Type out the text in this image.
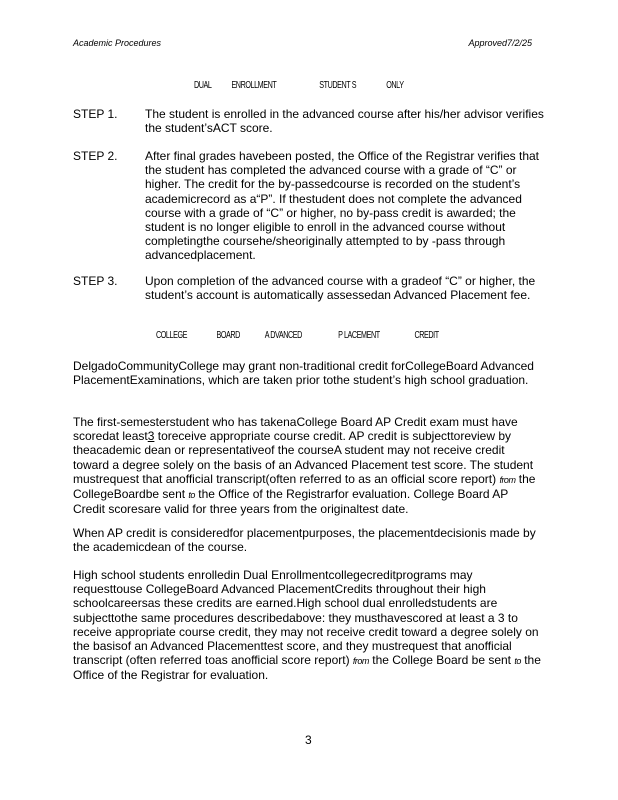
Academic Procedures	Approved7/2/25
DUAL ENROLLMENT	STUDENT S	ONLY
STEP 1.	The student is enrolled in the advanced course after his/her advisor verifies the student’sACT score.
STEP 2.	After final grades havebeen posted, the Office of the Registrar verifies that the student has completed the advanced course with a grade of “C” or higher. The credit for the by-passedcourse is recorded on the student’s academicrecord as a“P”. If thestudent does not complete the advanced course with a grade of “C” or higher, no by-pass credit is awarded; the student is no longer eligible to enroll in the advanced course without completingthe coursehe/sheoriginally attempted to by -pass through advancedplacement.
STEP 3.	Upon completion of the advanced course with a gradeof “C” or higher, the student’s account is automatically assessedan Advanced Placement fee.
COLLEGE	BOARD A DVANCED	P LACEMENT	CREDIT
DelgadoCommunityCollege may grant non-traditional credit forCollegeBoard Advanced PlacementExaminations, which are taken prior tothe student’s high school graduation.
The first-semesterstudent who has takenaCollege Board AP Credit exam must have scoredat least3 toreceive appropriate course credit. AP credit is subjecttoreview by theacademic dean or representativeof the courseA student may not receive credit toward a degree solely on the basis of an Advanced Placement test score. The student mustrequest that anofficial transcript(often referred to as an official score report) from the CollegeBoardbe sent to the Office of the Registrarfor evaluation. College Board AP Credit scoresare valid for three years from the originaltest date.
When AP credit is consideredfor placementpurposes, the placementdecisionis made by the academicdean of the course.
High school students enrolledin Dual Enrollmentcollegecreditprograms may requesttouse CollegeBoard Advanced PlacementCredits throughout their high schoolcareersas these credits are earned.High school dual enrolledstudents are subjecttothe same procedures describedabove: they musthavescored at least a 3 to receive appropriate course credit, they may not receive credit toward a degree solely on the basisof an Advanced Placementtest score, and they mustrequest that anofficial transcript (often referred toas anofficial score report) from the College Board be sent to the Office of the Registrar for evaluation.
3
